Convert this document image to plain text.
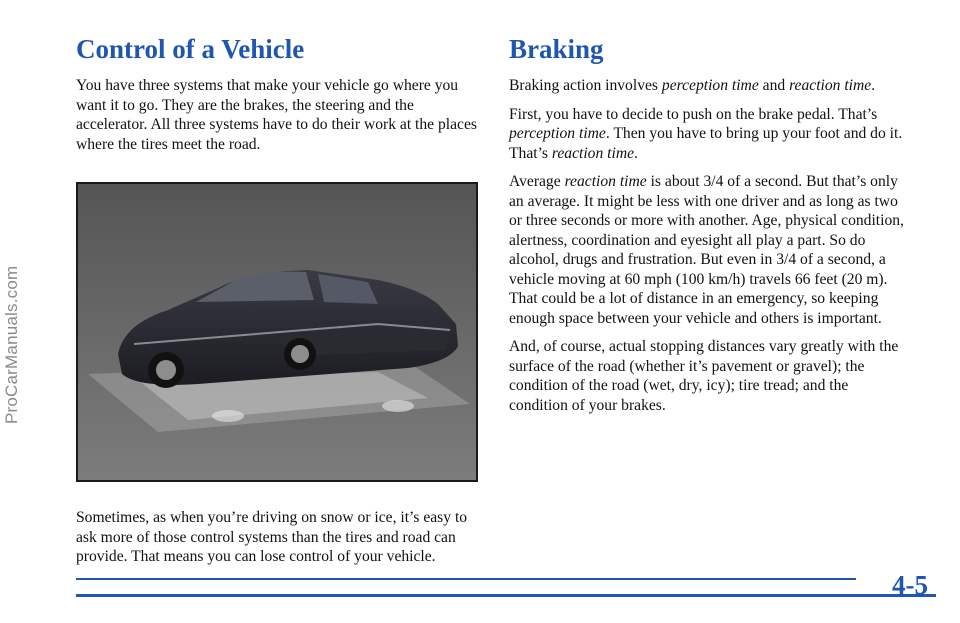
ProCarManuals.com
Control of a Vehicle

You have three systems that make your vehicle go where you want it to go. They are the brakes, the steering and the accelerator. All three systems have to do their work at the places where the tires meet the road.

Sometimes, as when you’re driving on snow or ice, it’s easy to ask more of those control systems than the tires and road can provide. That means you can lose control of your vehicle.

Braking

Braking action involves perception time and reaction time.

First, you have to decide to push on the brake pedal. That’s perception time. Then you have to bring up your foot and do it. That’s reaction time.

Average reaction time is about 3/4 of a second. But that’s only an average. It might be less with one driver and as long as two or three seconds or more with another. Age, physical condition, alertness, coordination and eyesight all play a part. So do alcohol, drugs and frustration. But even in 3/4 of a second, a vehicle moving at 60 mph (100 km/h) travels 66 feet (20 m). That could be a lot of distance in an emergency, so keeping enough space between your vehicle and others is important.

And, of course, actual stopping distances vary greatly with the surface of the road (whether it’s pavement or gravel); the condition of the road (wet, dry, icy); tire tread; and the condition of your brakes.

4-5
